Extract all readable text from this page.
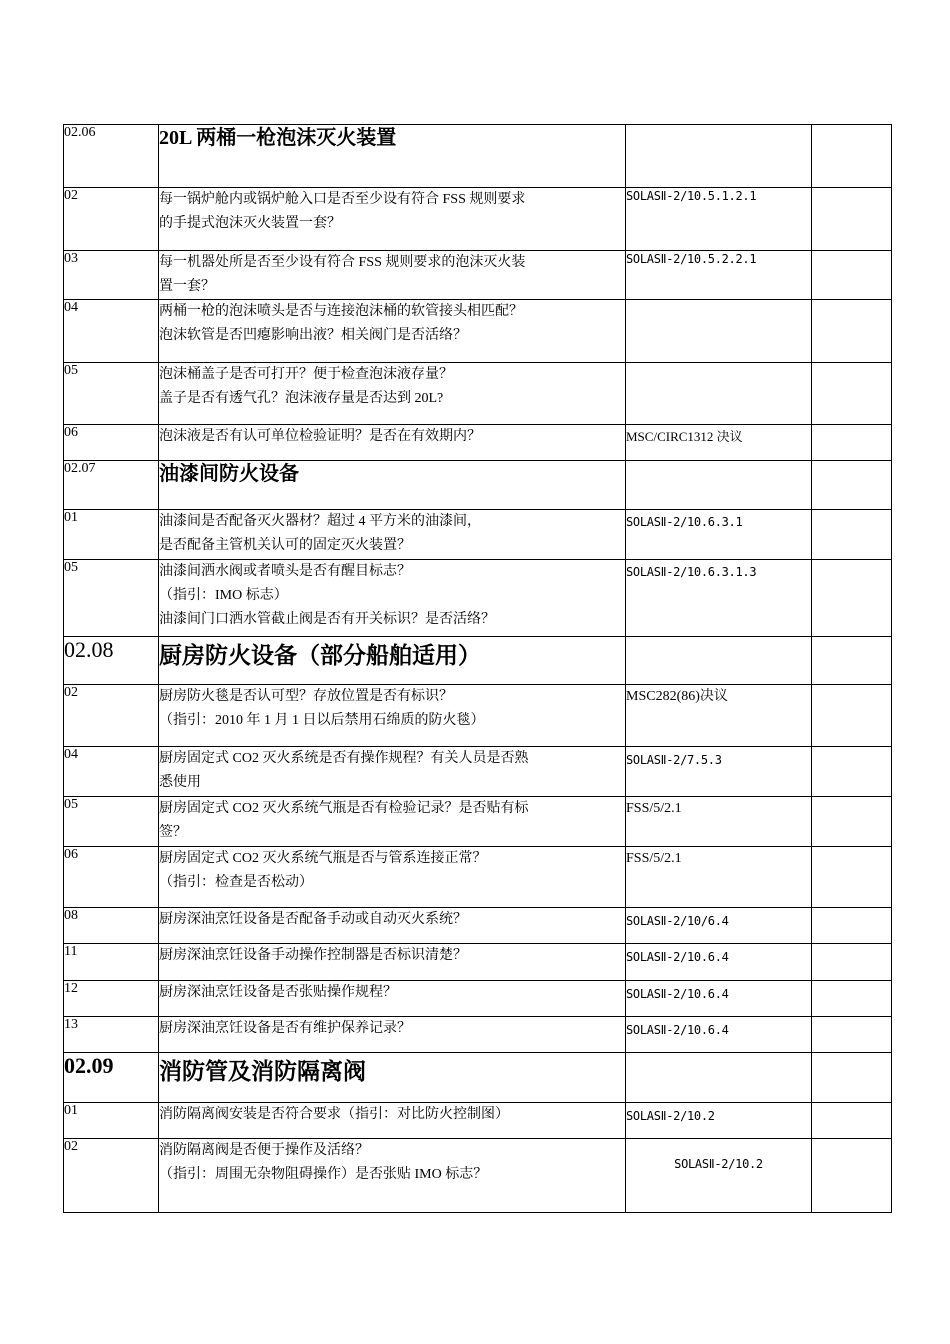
02.06	20L 两桶一枪泡沫灭火装置		
02	每一锅炉舱内或锅炉舱入口是否至少设有符合 FSS 规则要求
的手提式泡沫灭火装置一套？	SOLASⅡ-2/10.5.1.2.1	
03	每一机器处所是否至少设有符合 FSS 规则要求的泡沫灭火装
置一套？	SOLASⅡ-2/10.5.2.2.1	
04	两桶一枪的泡沫喷头是否与连接泡沫桶的软管接头相匹配？
泡沫软管是否凹瘪影响出液？相关阀门是否活络？		

05	泡沫桶盖子是否可打开？便于检查泡沫液存量？
盖子是否有透气孔？泡沫液存量是否达到 20L?		

06	泡沫液是否有认可单位检验证明？是否在有效期内？	MSC/CIRC1312 决议	
02.07	油漆间防火设备		
01	油漆间是否配备灭火器材？超过 4 平方米的油漆间，
是否配备主管机关认可的固定灭火装置？	SOLASⅡ-2/10.6.3.1	
05	油漆间洒水阀或者喷头是否有醒目标志？
（指引：IMO 标志）
油漆间门口洒水管截止阀是否有开关标识？是否活络？	SOLASⅡ-2/10.6.3.1.3	
02.08	厨房防火设备（部分船舶适用）		
02	厨房防火毯是否认可型？存放位置是否有标识？
（指引：2010 年 1 月 1 日以后禁用石绵质的防火毯）	MSC282(86)决议	
04	厨房固定式 CO2 灭火系统是否有操作规程？有关人员是否熟
悉使用	SOLASⅡ-2/7.5.3	
05	厨房固定式 CO2 灭火系统气瓶是否有检验记录？是否贴有标
签？	FSS/5/2.1	
06	厨房固定式 CO2 灭火系统气瓶是否与管系连接正常？
（指引：检查是否松动）	FSS/5/2.1	
08	厨房深油烹饪设备是否配备手动或自动灭火系统？	SOLASⅡ-2/10/6.4	
11	厨房深油烹饪设备手动操作控制器是否标识清楚？	SOLASⅡ-2/10.6.4	
12	厨房深油烹饪设备是否张贴操作规程？	SOLASⅡ-2/10.6.4	
13	厨房深油烹饪设备是否有维护保养记录？	SOLASⅡ-2/10.6.4	
02.09	消防管及消防隔离阀		
01	消防隔离阀安装是否符合要求（指引：对比防火控制图）	SOLASⅡ-2/10.2	
02	消防隔离阀是否便于操作及活络？
（指引：周围无杂物阻碍操作）是否张贴 IMO 标志？	SOLASⅡ-2/10.2	
